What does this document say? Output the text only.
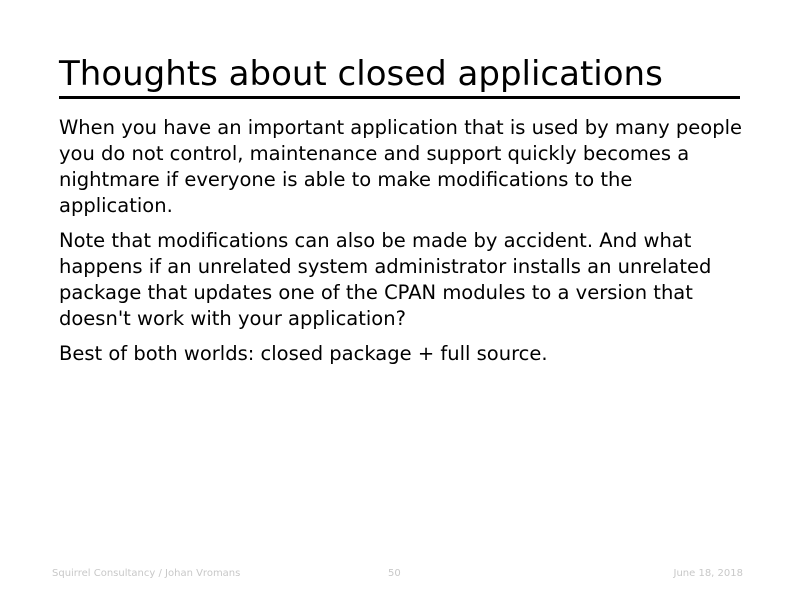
Thoughts about closed applications

When you have an important application that is used by many people you do not control, maintenance and support quickly becomes a nightmare if everyone is able to make modifications to the application.

Note that modifications can also be made by accident. And what happens if an unrelated system administrator installs an unrelated package that updates one of the CPAN modules to a version that doesn't work with your application?

Best of both worlds: closed package + full source.

Squirrel Consultancy / Johan Vromans	50	June 18, 2018
